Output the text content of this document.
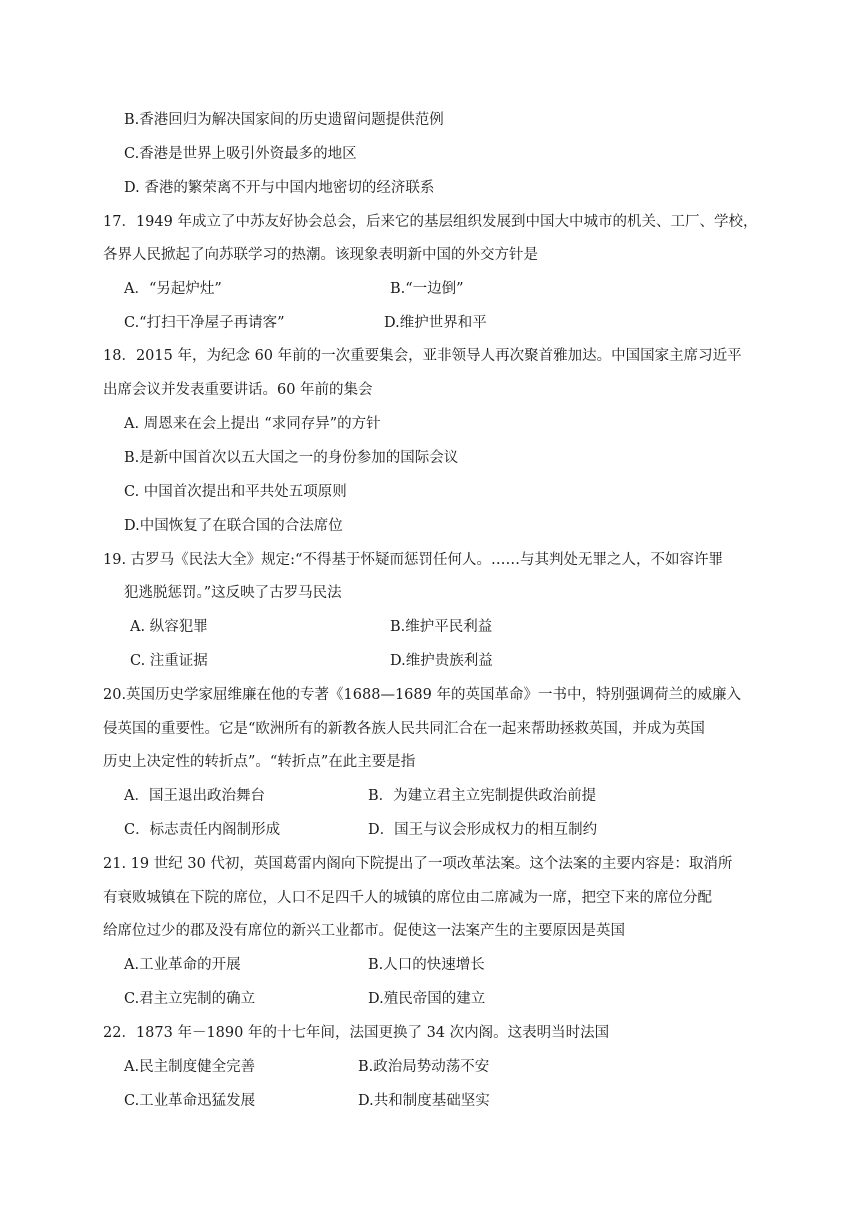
B.香港回归为解决国家间的历史遗留问题提供范例
C.香港是世界上吸引外资最多的地区
D. 香港的繁荣离不开与中国内地密切的经济联系
17．1949 年成立了中苏友好协会总会，后来它的基层组织发展到中国大中城市的机关、工厂、学校，
各界人民掀起了向苏联学习的热潮。该现象表明新中国的外交方针是
A．“另起炉灶”	B.“一边倒”
C.“打扫干净屋子再请客”	D.维护世界和平
18．2015 年，为纪念 60 年前的一次重要集会，亚非领导人再次聚首雅加达。中国国家主席习近平
出席会议并发表重要讲话。60 年前的集会
A. 周恩来在会上提出 “求同存异”的方针
B.是新中国首次以五大国之一的身份参加的国际会议
C. 中国首次提出和平共处五项原则
D.中国恢复了在联合国的合法席位
19. 古罗马《民法大全》规定:“不得基于怀疑而惩罚任何人。……与其判处无罪之人，不如容许罪
犯逃脱惩罚。”这反映了古罗马民法
A. 纵容犯罪	B.维护平民利益
C. 注重证据	D.维护贵族利益
20.英国历史学家屈维廉在他的专著《1688—1689 年的英国革命》一书中，特别强调荷兰的威廉入
侵英国的重要性。它是“欧洲所有的新教各族人民共同汇合在一起来帮助拯救英国，并成为英国
历史上决定性的转折点”。“转折点”在此主要是指
A．国王退出政治舞台	B．为建立君主立宪制提供政治前提
C．标志责任内阁制形成	D．国王与议会形成权力的相互制约
21. 19 世纪 30 代初，英国葛雷内阁向下院提出了一项改革法案。这个法案的主要内容是：取消所
有衰败城镇在下院的席位，人口不足四千人的城镇的席位由二席减为一席，把空下来的席位分配
给席位过少的郡及没有席位的新兴工业都市。促使这一法案产生的主要原因是英国
A.工业革命的开展	B.人口的快速增长
C.君主立宪制的确立	D.殖民帝国的建立
22．1873 年－1890 年的十七年间，法国更换了 34 次内阁。这表明当时法国
A.民主制度健全完善	B.政治局势动荡不安
C.工业革命迅猛发展	D.共和制度基础坚实
